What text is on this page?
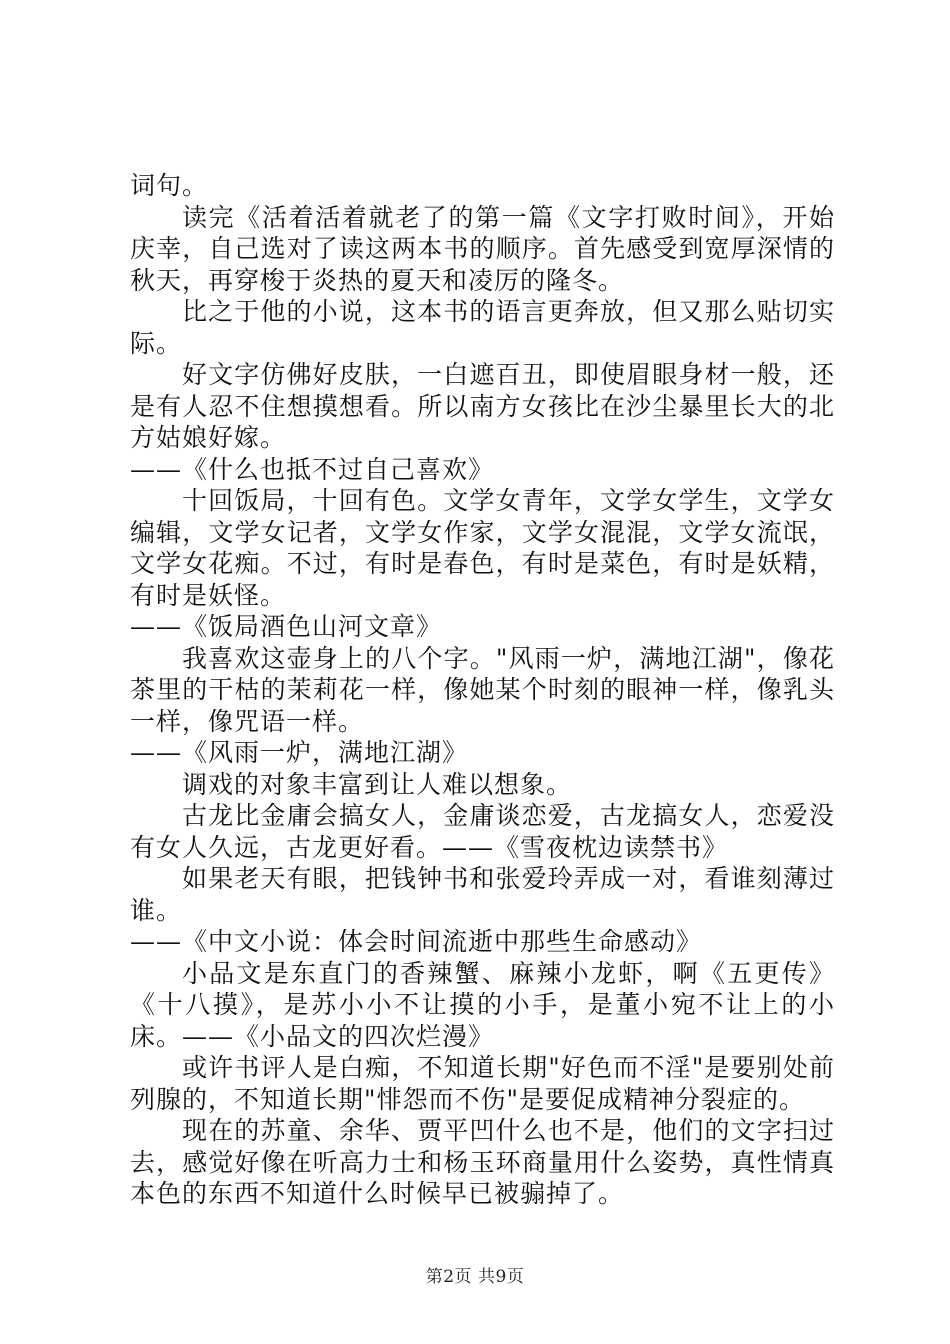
词句。

读完《活着活着就老了的第一篇《文字打败时间》，开始庆幸，自己选对了读这两本书的顺序。首先感受到宽厚深情的秋天，再穿梭于炎热的夏天和凌厉的隆冬。

比之于他的小说，这本书的语言更奔放，但又那么贴切实际。

好文字仿佛好皮肤，一白遮百丑，即使眉眼身材一般，还是有人忍不住想摸想看。所以南方女孩比在沙尘暴里长大的北方姑娘好嫁。

——《什么也抵不过自己喜欢》

十回饭局，十回有色。文学女青年，文学女学生，文学女编辑，文学女记者，文学女作家，文学女混混，文学女流氓，文学女花痴。不过，有时是春色，有时是菜色，有时是妖精，有时是妖怪。

——《饭局酒色山河文章》

我喜欢这壶身上的八个字。"风雨一炉，满地江湖"，像花茶里的干枯的茉莉花一样，像她某个时刻的眼神一样，像乳头一样，像咒语一样。

——《风雨一炉，满地江湖》

调戏的对象丰富到让人难以想象。

古龙比金庸会搞女人，金庸谈恋爱，古龙搞女人，恋爱没有女人久远，古龙更好看。——《雪夜枕边读禁书》

如果老天有眼，把钱钟书和张爱玲弄成一对，看谁刻薄过谁。

——《中文小说：体会时间流逝中那些生命感动》

小品文是东直门的香辣蟹、麻辣小龙虾，啊《五更传》《十八摸》，是苏小小不让摸的小手，是董小宛不让上的小床。——《小品文的四次烂漫》

或许书评人是白痴，不知道长期"好色而不淫"是要别处前列腺的，不知道长期"悱怨而不伤"是要促成精神分裂症的。

现在的苏童、余华、贾平凹什么也不是，他们的文字扫过去，感觉好像在听高力士和杨玉环商量用什么姿势，真性情真本色的东西不知道什么时候早已被骟掉了。

第2页 共9页
